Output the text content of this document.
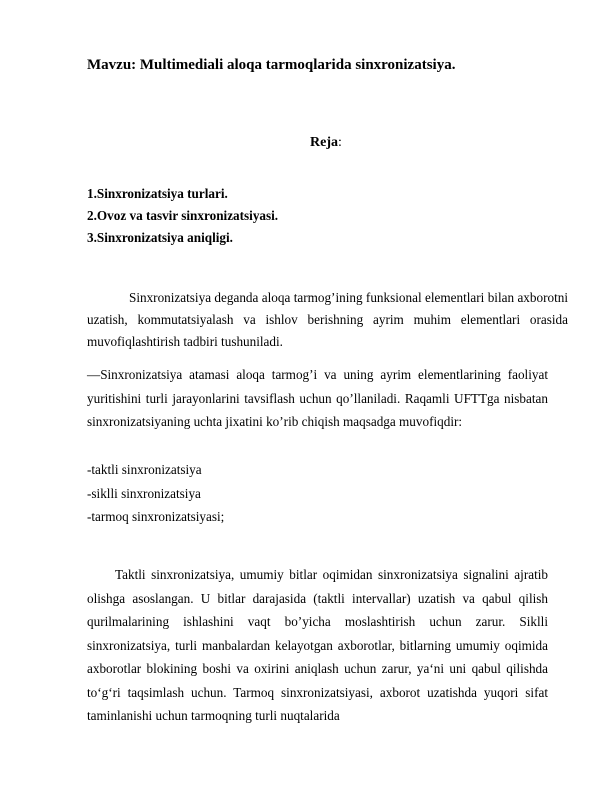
Mavzu: Multimediali aloqa tarmoqlarida sinxronizatsiya.
Reja:
1.Sinxronizatsiya turlari.
2.Ovoz va tasvir sinxronizatsiyasi.
3.Sinxronizatsiya aniqligi.
Sinxronizatsiya deganda aloqa tarmog’ining funksional elementlari bilan axborotni uzatish, kommutatsiyalash va ishlov berishning ayrim muhim elementlari orasida muvofiqlashtirish tadbiri tushuniladi.
—Sinxronizatsiya atamasi aloqa tarmog’i va uning ayrim elementlarining faoliyat yuritishini turli jarayonlarini tavsiflash uchun qo’llaniladi. Raqamli UFTTga nisbatan sinxronizatsiyaning uchta jixatini ko’rib chiqish maqsadga muvofiqdir:
-taktli sinxronizatsiya
-siklli sinxronizatsiya
-tarmoq sinxronizatsiyasi;
Taktli sinxronizatsiya, umumiy bitlar oqimidan sinxronizatsiya signalini ajratib olishga asoslangan. U bitlar darajasida (taktli intervallar) uzatish va qabul qilish qurilmalarining ishlashini vaqt bo’yicha moslashtirish uchun zarur. Siklli sinxronizatsiya, turli manbalardan kelayotgan axborotlar, bitlarning umumiy oqimida axborotlar blokining boshi va oxirini aniqlash uchun zarur, ya‘ni uni qabul qilishda to‘g‘ri taqsimlash uchun. Tarmoq sinxronizatsiyasi, axborot uzatishda yuqori sifat taminlanishi uchun tarmoqning turli nuqtalarida
